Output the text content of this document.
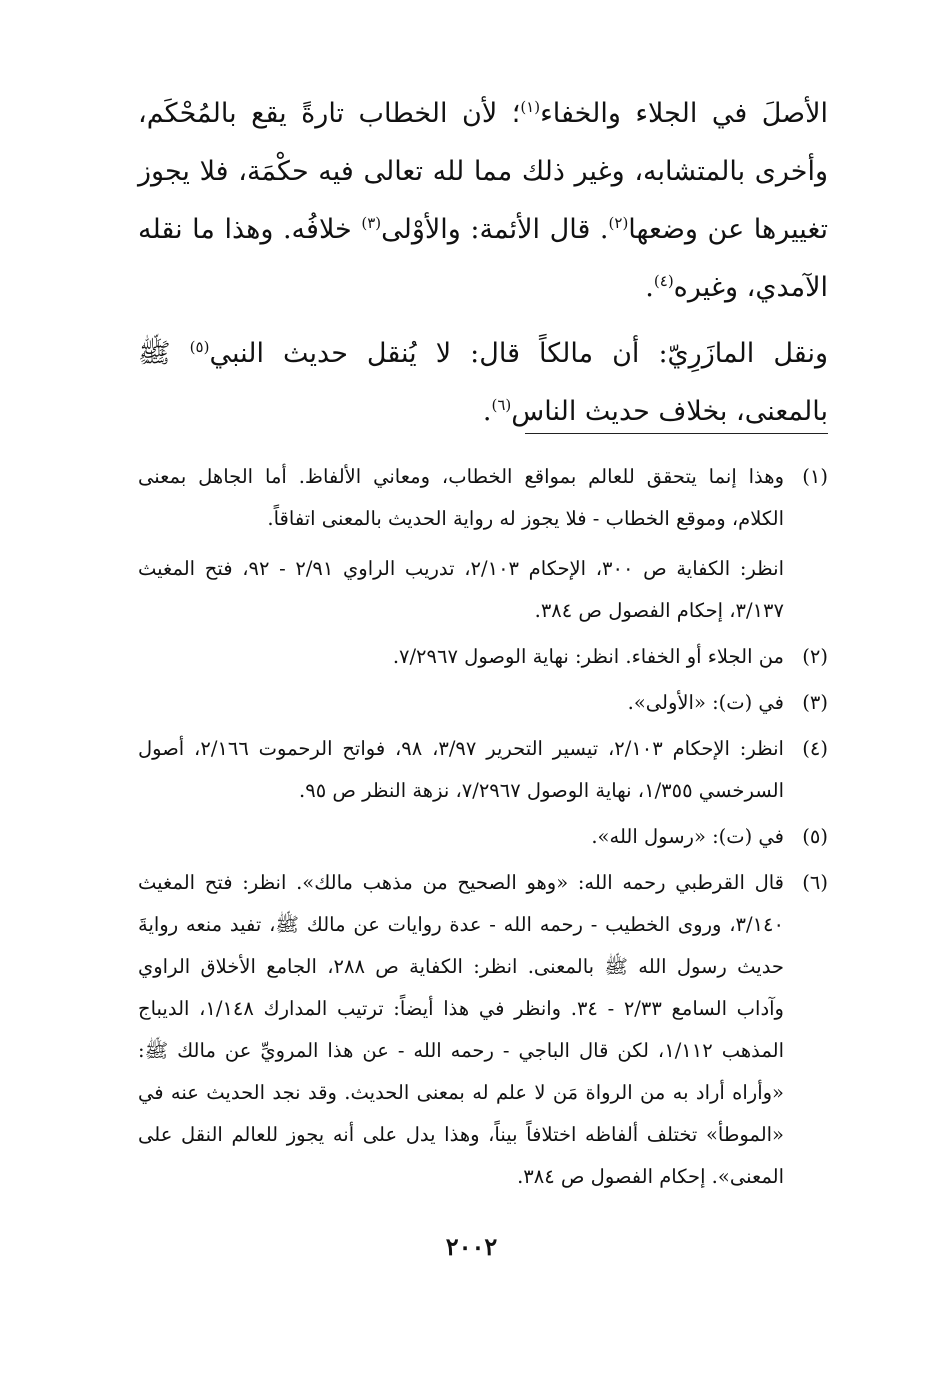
الأصلَ في الجلاء والخفاء$^{(١)}$؛ لأن الخطاب تارةً يقع بالمُحْكَم، وأخرى بالمتشابه، وغير ذلك مما لله تعالى فيه حكْمَة، فلا يجوز تغييرها عن وضعها$^{(٢)}$. قال الأئمة: والأوْلى$^{(٣)}$ خلافُه. وهذا ما نقله الآمدي، وغيره$^{(٤)}$.

ونقل المازَرِيّ: أن مالكاً قال: لا يُنقل حديث النبي$^{(٥)}$ ﷺ بالمعنى، بخلاف حديث الناس$^{(٦)}$.

(١)

وهذا إنما يتحقق للعالم بمواقع الخطاب، ومعاني الألفاظ. أما الجاهل بمعنى الكلام، وموقع الخطاب - فلا يجوز له رواية الحديث بالمعنى اتفاقاً.

انظر: الكفاية ص ٣٠٠، الإحكام ٢/١٠٣، تدريب الراوي ٢/٩١ - ٩٢، فتح المغيث ٣/١٣٧، إحكام الفصول ص ٣٨٤.

(٢)

من الجلاء أو الخفاء. انظر: نهاية الوصول ٧/٢٩٦٧.

(٣)

في (ت): «الأولى».

(٤)

انظر: الإحكام ٢/١٠٣، تيسير التحرير ٣/٩٧، ٩٨، فواتح الرحموت ٢/١٦٦، أصول السرخسي ١/٣٥٥، نهاية الوصول ٧/٢٩٦٧، نزهة النظر ص ٩٥.

(٥)

في (ت): «رسول الله».

(٦)

قال القرطبي رحمه الله: «وهو الصحيح من مذهب مالك». انظر: فتح المغيث ٣/١٤٠، وروى الخطيب - رحمه الله - عدة روايات عن مالك ﷺ، تفيد منعه روايةَ حديث رسول الله ﷺ بالمعنى. انظر: الكفاية ص ٢٨٨، الجامع الأخلاق الراوي وآداب السامع ٢/٣٣ - ٣٤. وانظر في هذا أيضاً: ترتيب المدارك ١/١٤٨، الديباج المذهب ١/١١٢، لكن قال الباجي - رحمه الله - عن هذا المرويِّ عن مالك ﷺ: «وأراه أراد به من الرواة مَن لا علم له بمعنى الحديث. وقد نجد الحديث عنه في «الموطأ» تختلف ألفاظه اختلافاً بيناً، وهذا يدل على أنه يجوز للعالم النقل على المعنى». إحكام الفصول ص ٣٨٤.

٢٠٠٢
